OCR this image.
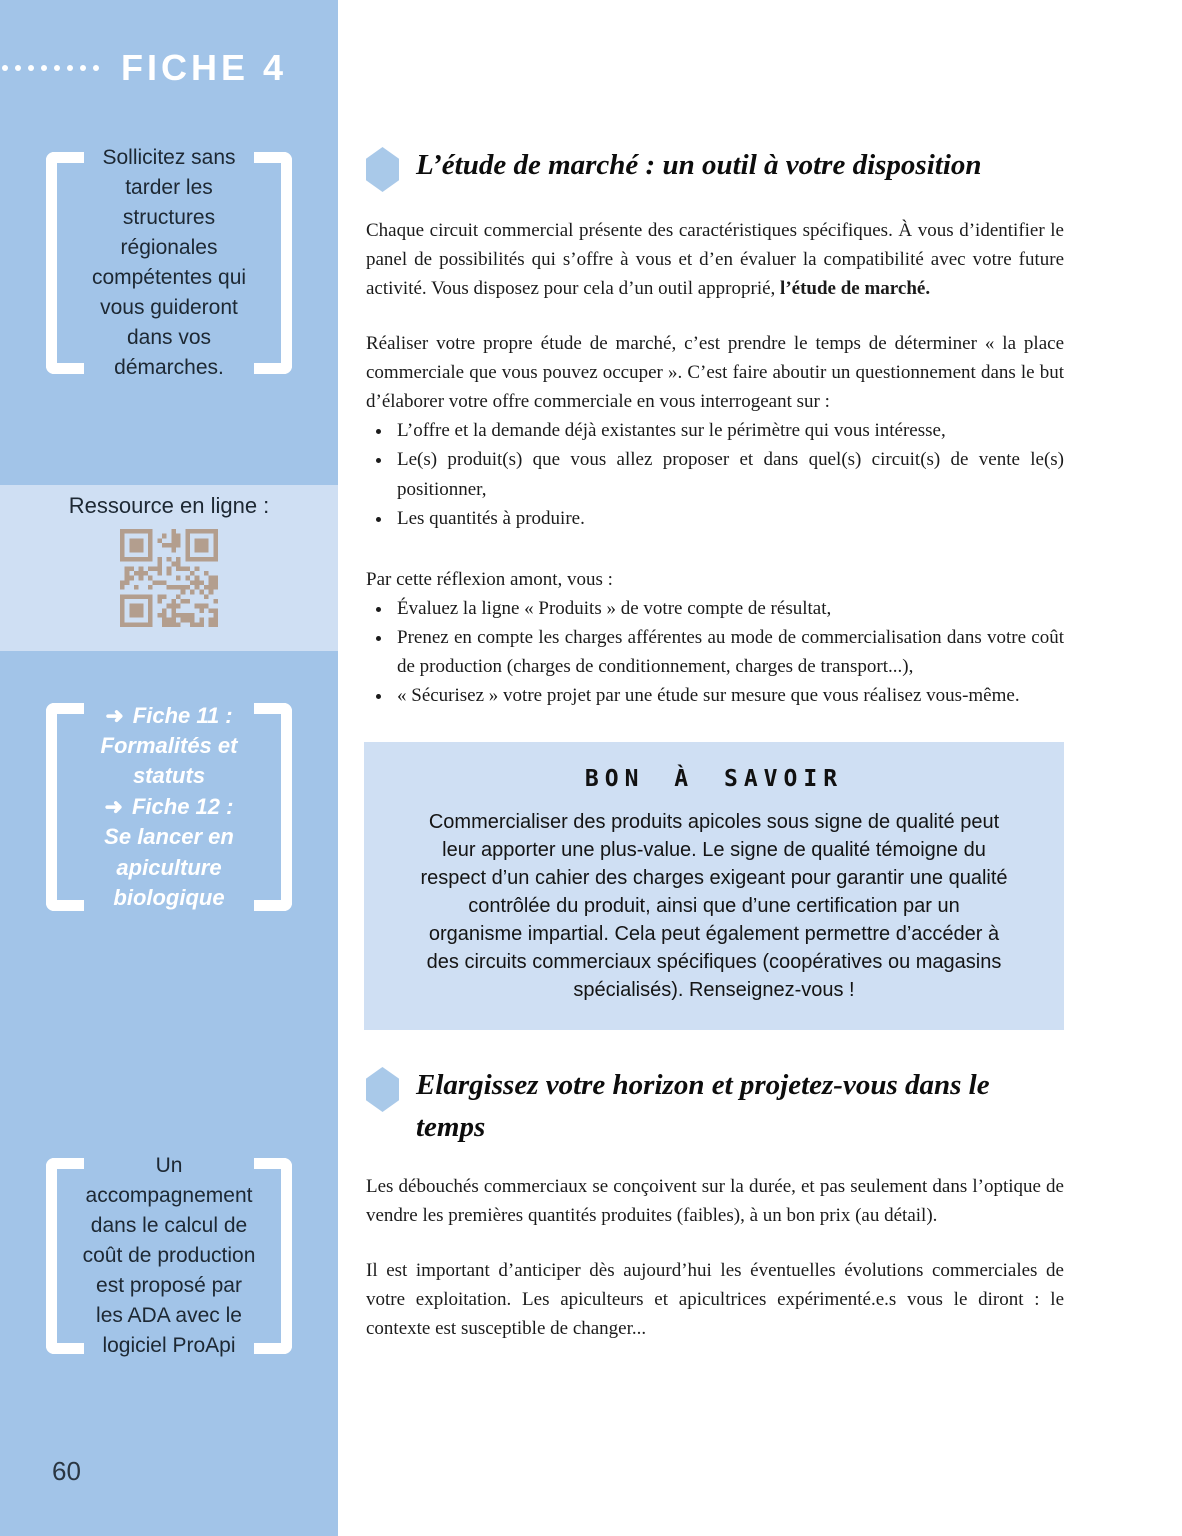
FICHE 4

Sollicitez sans tarder les structures régionales compétentes qui vous guideront dans vos démarches.

Ressource en ligne :

➜ Fiche 11 :
Formalités et statuts
➜ Fiche 12 :
Se lancer en apiculture biologique

Un accompagnement dans le calcul de coût de production est proposé par les ADA avec le logiciel ProApi

60
L’étude de marché : un outil à votre disposition

Chaque circuit commercial présente des caractéristiques spécifiques. À vous d’identifier le panel de possibilités qui s’offre à vous et d’en évaluer la compatibilité avec votre future activité. Vous disposez pour cela d’un outil approprié, l’étude de marché.

Réaliser votre propre étude de marché, c’est prendre le temps de déterminer « la place commerciale que vous pouvez occuper ». C’est faire aboutir un questionnement dans le but d’élaborer votre offre commerciale en vous interrogeant sur :

• L’offre et la demande déjà existantes sur le périmètre qui vous intéresse,
• Le(s) produit(s) que vous allez proposer et dans quel(s) circuit(s) de vente le(s) positionner,
• Les quantités à produire.

Par cette réflexion amont, vous :

• Évaluez la ligne « Produits » de votre compte de résultat,
• Prenez en compte les charges afférentes au mode de commercialisation dans votre coût de production (charges de conditionnement, charges de transport...),
• « Sécurisez » votre projet par une étude sur mesure que vous réalisez vous-même.
BON À SAVOIR

Commercialiser des produits apicoles sous signe de qualité peut leur apporter une plus-value. Le signe de qualité témoigne du respect d’un cahier des charges exigeant pour garantir une qualité contrôlée du produit, ainsi que d’une certification par un organisme impartial. Cela peut également permettre d’accéder à des circuits commerciaux spécifiques (coopératives ou magasins spécialisés). Renseignez-vous !

Elargissez votre horizon et projetez-vous dans le temps

Les débouchés commerciaux se conçoivent sur la durée, et pas seulement dans l’optique de vendre les premières quantités produites (faibles), à un bon prix (au détail).

Il est important d’anticiper dès aujourd’hui les éventuelles évolutions commerciales de votre exploitation. Les apiculteurs et apicultrices expérimenté.e.s vous le diront : le contexte est susceptible de changer...
